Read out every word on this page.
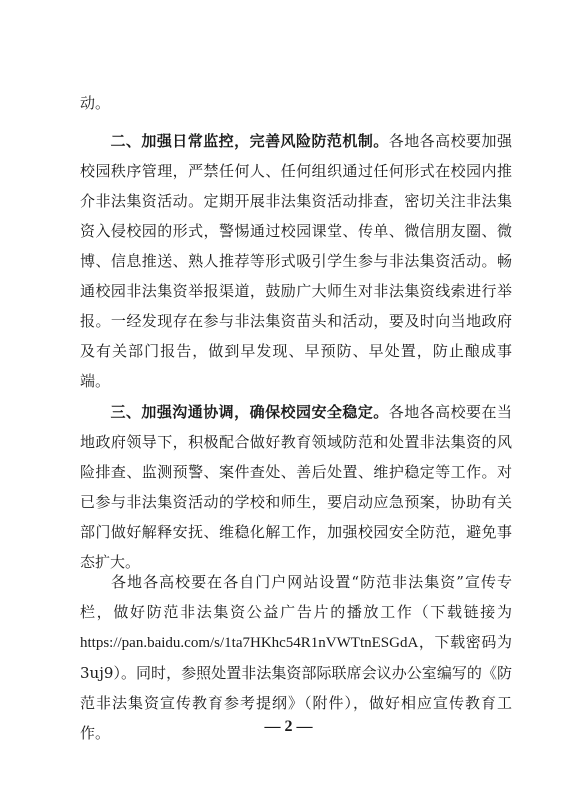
动。

二、加强日常监控，完善风险防范机制。各地各高校要加强校园秩序管理，严禁任何人、任何组织通过任何形式在校园内推介非法集资活动。定期开展非法集资活动排查，密切关注非法集资入侵校园的形式，警惕通过校园课堂、传单、微信朋友圈、微博、信息推送、熟人推荐等形式吸引学生参与非法集资活动。畅通校园非法集资举报渠道，鼓励广大师生对非法集资线索进行举报。一经发现存在参与非法集资苗头和活动，要及时向当地政府及有关部门报告，做到早发现、早预防、早处置，防止酿成事端。

三、加强沟通协调，确保校园安全稳定。各地各高校要在当地政府领导下，积极配合做好教育领域防范和处置非法集资的风险排查、监测预警、案件查处、善后处置、维护稳定等工作。对已参与非法集资活动的学校和师生，要启动应急预案，协助有关部门做好解释安抚、维稳化解工作，加强校园安全防范，避免事态扩大。

各地各高校要在各自门户网站设置“防范非法集资”宣传专栏，做好防范非法集资公益广告片的播放工作（下载链接为https://pan.baidu.com/s/1ta7HKhc54R1nVWTtnESGdA，下载密码为3uj9）。同时，参照处置非法集资部际联席会议办公室编写的《防范非法集资宣传教育参考提纲》（附件），做好相应宣传教育工作。	— 2 —
